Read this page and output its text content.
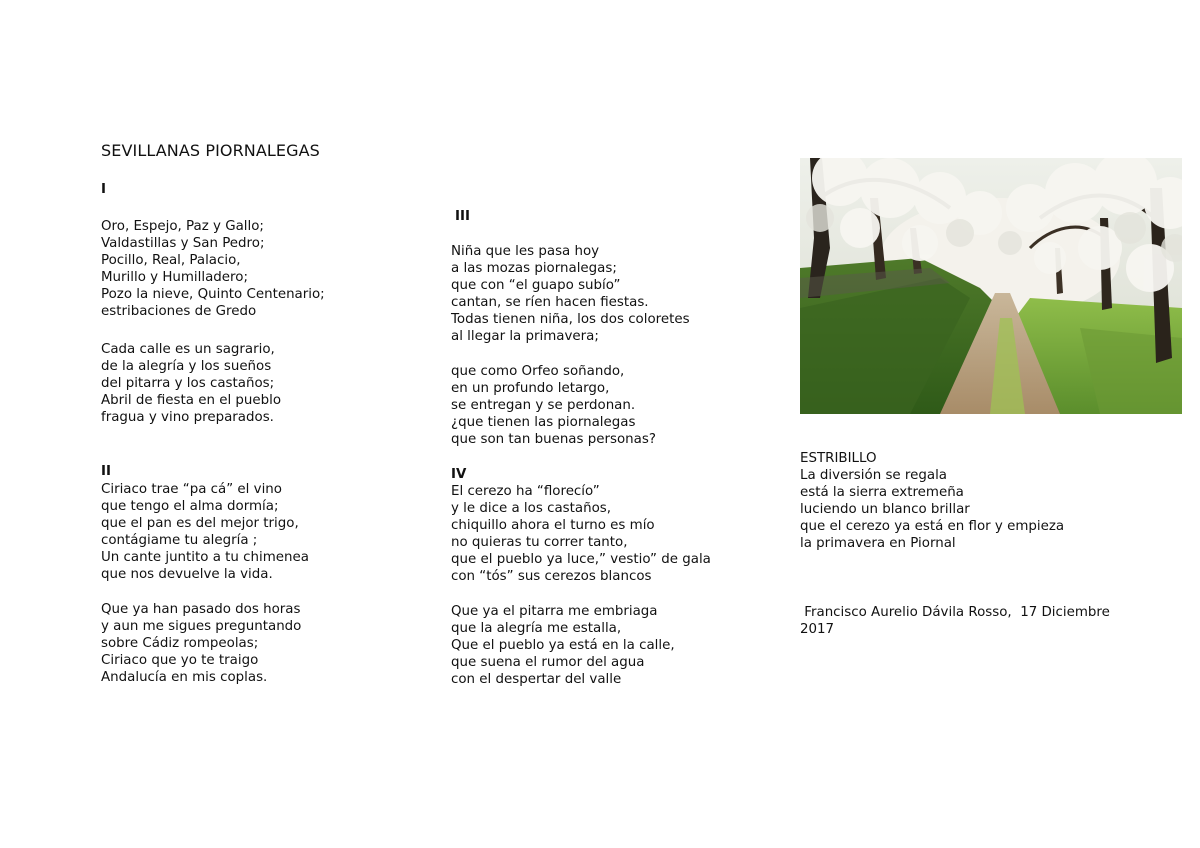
SEVILLANAS PIORNALEGAS
I
Oro, Espejo, Paz y Gallo;
Valdastillas y San Pedro;
Pocillo, Real, Palacio,
Murillo y Humilladero;
Pozo la nieve, Quinto Centenario;
estribaciones de Gredo
Cada calle es un sagrario,
de la alegría y los sueños
del pitarra y los castaños;
Abril de fiesta en el pueblo
fragua y vino preparados.
II
Ciriaco trae “pa cá” el vino
que tengo el alma dormía;
que el pan es del mejor trigo,
contágiame tu alegría ;
Un cante juntito a tu chimenea
que nos devuelve la vida.
Que ya han pasado dos horas
y aun me sigues preguntando
sobre Cádiz rompeolas;
Ciriaco que yo te traigo
Andalucía en mis coplas.
III
Niña que les pasa hoy
a las mozas piornalegas;
que con “el guapo subío”
cantan, se ríen hacen fiestas.
Todas tienen niña, los dos coloretes
al llegar la primavera;
que como Orfeo soñando,
en un profundo letargo,
se entregan y se perdonan.
¿que tienen las piornalegas
que son tan buenas personas?
IV
El cerezo ha “florecío”
y le dice a los castaños,
chiquillo ahora el turno es mío
no quieras tu correr tanto,
que el pueblo ya luce,” vestio” de gala
con “tós” sus cerezos blancos
Que ya el pitarra me embriaga
que la alegría me estalla,
Que el pueblo ya está en la calle,
que suena el rumor del agua
con el despertar del valle
ESTRIBILLO
La diversión se regala
está la sierra extremeña
luciendo un blanco brillar
que el cerezo ya está en flor y empieza
la primavera en Piornal
Francisco Aurelio Dávila Rosso,  17 Diciembre
2017
